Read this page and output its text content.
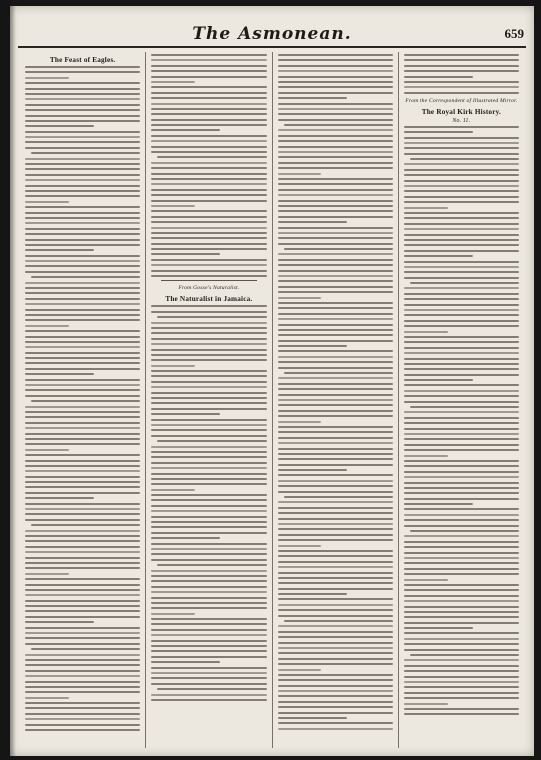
The Asmonean.	659
The Feast of Eagles.
From Gosse's Naturalist.
The Naturalist in Jamaica.
From the Correspondent of Illustrated Mirror.
The Royal Kirk History.
No. 11.
